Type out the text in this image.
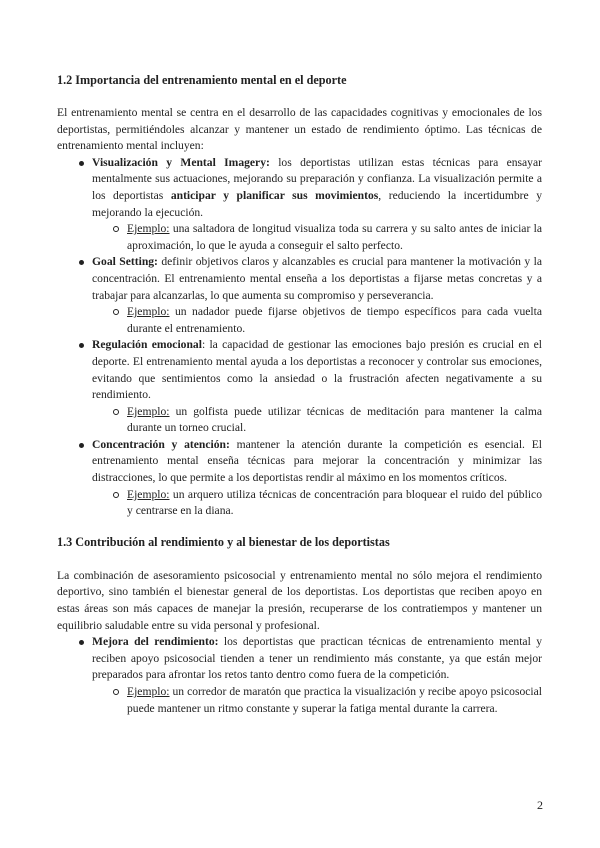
1.2 Importancia del entrenamiento mental en el deporte

El entrenamiento mental se centra en el desarrollo de las capacidades cognitivas y emocionales de los deportistas, permitiéndoles alcanzar y mantener un estado de rendimiento óptimo. Las técnicas de entrenamiento mental incluyen:

Visualización y Mental Imagery: los deportistas utilizan estas técnicas para ensayar mentalmente sus actuaciones, mejorando su preparación y confianza. La visualización permite a los deportistas anticipar y planificar sus movimientos, reduciendo la incertidumbre y mejorando la ejecución.
Ejemplo: una saltadora de longitud visualiza toda su carrera y su salto antes de iniciar la aproximación, lo que le ayuda a conseguir el salto perfecto.
Goal Setting: definir objetivos claros y alcanzables es crucial para mantener la motivación y la concentración. El entrenamiento mental enseña a los deportistas a fijarse metas concretas y a trabajar para alcanzarlas, lo que aumenta su compromiso y perseverancia.
Ejemplo: un nadador puede fijarse objetivos de tiempo específicos para cada vuelta durante el entrenamiento.
Regulación emocional: la capacidad de gestionar las emociones bajo presión es crucial en el deporte. El entrenamiento mental ayuda a los deportistas a reconocer y controlar sus emociones, evitando que sentimientos como la ansiedad o la frustración afecten negativamente a su rendimiento.
Ejemplo: un golfista puede utilizar técnicas de meditación para mantener la calma durante un torneo crucial.
Concentración y atención: mantener la atención durante la competición es esencial. El entrenamiento mental enseña técnicas para mejorar la concentración y minimizar las distracciones, lo que permite a los deportistas rendir al máximo en los momentos críticos.
Ejemplo: un arquero utiliza técnicas de concentración para bloquear el ruido del público y centrarse en la diana.
1.3 Contribución al rendimiento y al bienestar de los deportistas

La combinación de asesoramiento psicosocial y entrenamiento mental no sólo mejora el rendimiento deportivo, sino también el bienestar general de los deportistas. Los deportistas que reciben apoyo en estas áreas son más capaces de manejar la presión, recuperarse de los contratiempos y mantener un equilibrio saludable entre su vida personal y profesional.

Mejora del rendimiento: los deportistas que practican técnicas de entrenamiento mental y reciben apoyo psicosocial tienden a tener un rendimiento más constante, ya que están mejor preparados para afrontar los retos tanto dentro como fuera de la competición.
Ejemplo: un corredor de maratón que practica la visualización y recibe apoyo psicosocial puede mantener un ritmo constante y superar la fatiga mental durante la carrera.
2
